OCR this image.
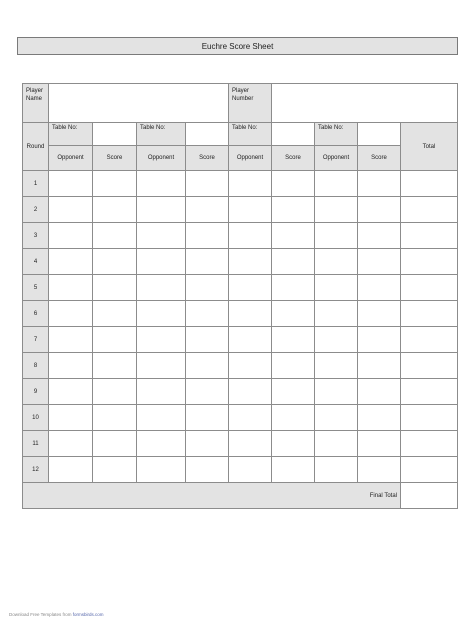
Euchre Score Sheet
Player Name					Player Number				
Round	Table No:		Table No:		Table No:		Table No:		Total
	Opponent	Score	Opponent	Score	Opponent	Score	Opponent	Score	
1									
2									
3									
4									
5									
6									
7									
8									
9									
10									
11									
12									
Final Total									
Download Free Templates from formsbirds.com
